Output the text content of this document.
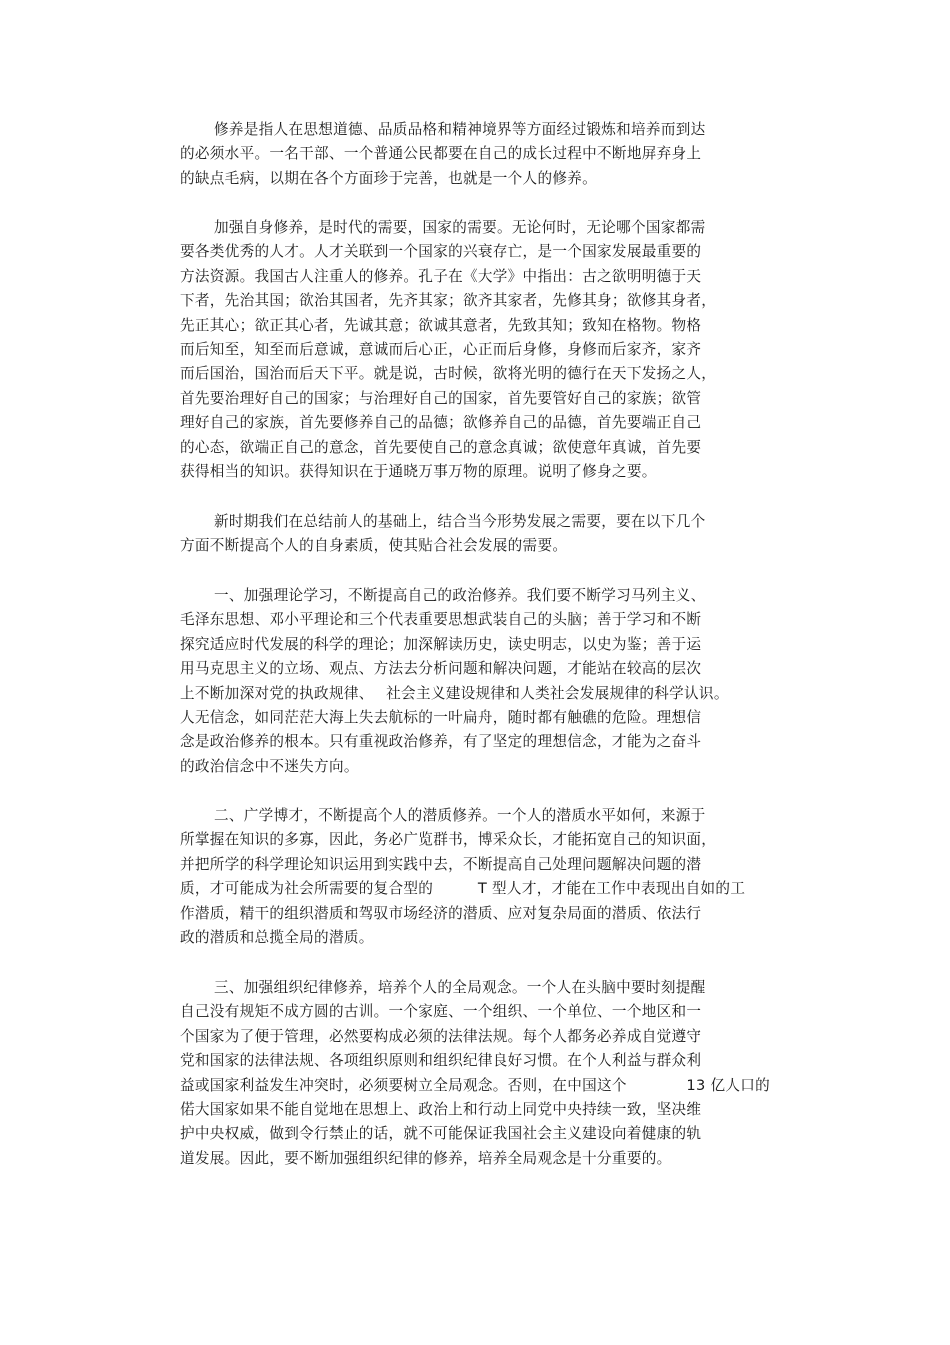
修养是指人在思想道德、品质品格和精神境界等方面经过锻炼和培养而到达
的必须水平。一名干部、一个普通公民都要在自己的成长过程中不断地屏弃身上
的缺点毛病，以期在各个方面珍于完善，也就是一个人的修养。
加强自身修养，是时代的需要，国家的需要。无论何时，无论哪个国家都需
要各类优秀的人才。人才关联到一个国家的兴衰存亡，是一个国家发展最重要的
方法资源。我国古人注重人的修养。孔子在《大学》中指出：古之欲明明德于天
下者，先治其国；欲治其国者，先齐其家；欲齐其家者，先修其身；欲修其身者，
先正其心；欲正其心者，先诚其意；欲诚其意者，先致其知；致知在格物。物格
而后知至，知至而后意诚，意诚而后心正，心正而后身修，身修而后家齐，家齐
而后国治，国治而后天下平。就是说，古时候，欲将光明的德行在天下发扬之人，
首先要治理好自己的国家；与治理好自己的国家，首先要管好自己的家族；欲管
理好自己的家族，首先要修养自己的品德；欲修养自己的品德，首先要端正自己
的心态，欲端正自己的意念，首先要使自己的意念真诚；欲使意年真诚，首先要
获得相当的知识。获得知识在于通晓万事万物的原理。说明了修身之要。
新时期我们在总结前人的基础上，结合当今形势发展之需要，要在以下几个
方面不断提高个人的自身素质，使其贴合社会发展的需要。
一、加强理论学习，不断提高自己的政治修养。我们要不断学习马列主义、
毛泽东思想、邓小平理论和三个代表重要思想武装自己的头脑；善于学习和不断
探究适应时代发展的科学的理论；加深解读历史，读史明志，以史为鉴；善于运
用马克思主义的立场、观点、方法去分析问题和解决问题，才能站在较高的层次
上不断加深对党的执政规律、　 社会主义建设规律和人类社会发展规律的科学认识。
人无信念，如同茫茫大海上失去航标的一叶扁舟，随时都有触礁的危险。理想信
念是政治修养的根本。只有重视政治修养，有了坚定的理想信念，才能为之奋斗
的政治信念中不迷失方向。
二、广学博才，不断提高个人的潜质修养。一个人的潜质水平如何，来源于
所掌握在知识的多寡，因此，务必广览群书，博采众长，才能拓宽自己的知识面，
并把所学的科学理论知识运用到实践中去，不断提高自己处理问题解决问题的潜
质，才可能成为社会所需要的复合型的　　　T 型人才，才能在工作中表现出自如的工
作潜质，精干的组织潜质和驾驭市场经济的潜质、应对复杂局面的潜质、依法行
政的潜质和总揽全局的潜质。
三、加强组织纪律修养，培养个人的全局观念。一个人在头脑中要时刻提醒
自己没有规矩不成方圆的古训。一个家庭、一个组织、一个单位、一个地区和一
个国家为了便于管理，必然要构成必须的法律法规。每个人都务必养成自觉遵守
党和国家的法律法规、各项组织原则和组织纪律良好习惯。在个人利益与群众利
益或国家利益发生冲突时，必须要树立全局观念。否则，在中国这个　　　　13 亿人口的
偌大国家如果不能自觉地在思想上、政治上和行动上同党中央持续一致，坚决维
护中央权威，做到令行禁止的话，就不可能保证我国社会主义建设向着健康的轨
道发展。因此，要不断加强组织纪律的修养，培养全局观念是十分重要的。
